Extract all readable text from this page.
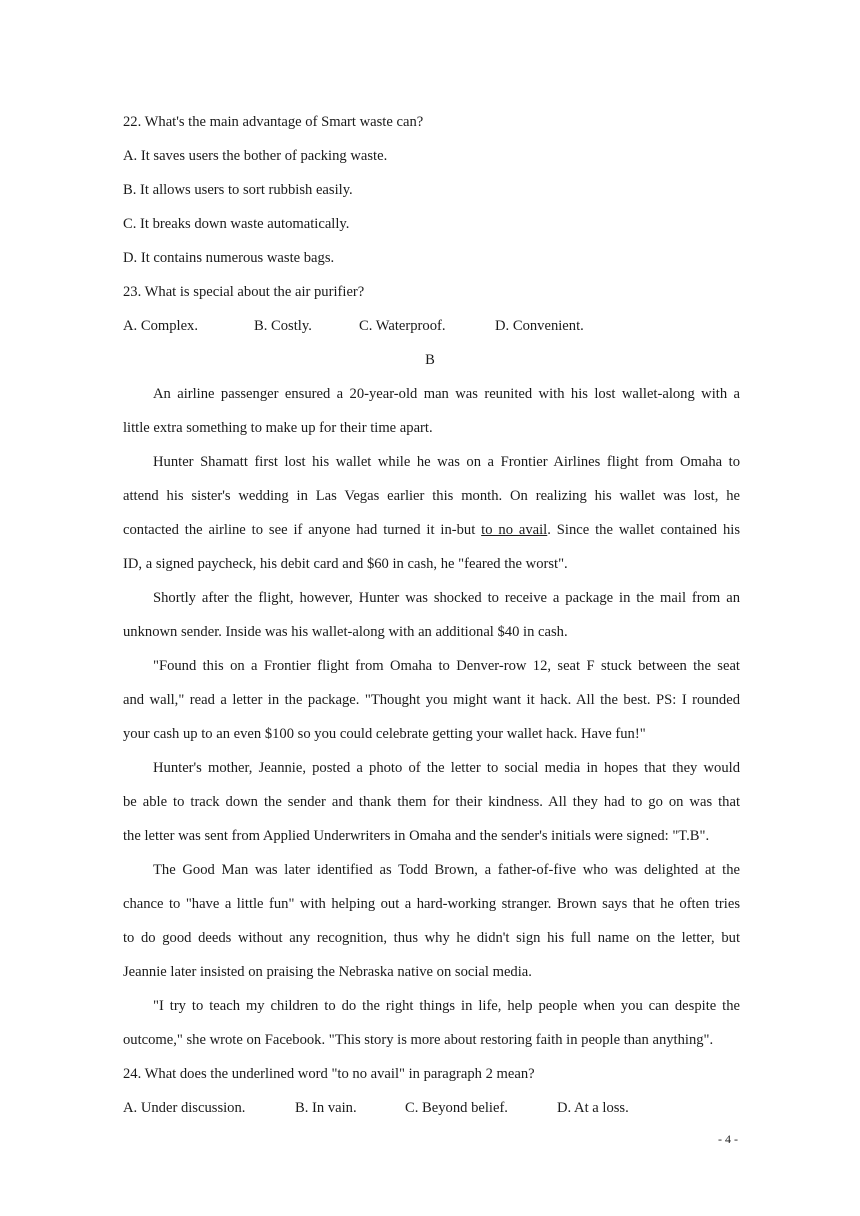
22. What's the main advantage of Smart waste can?
A. It saves users the bother of packing waste.
B. It allows users to sort rubbish easily.
C. It breaks down waste automatically.
D. It contains numerous waste bags.
23. What is special about the air purifier?
A. Complex.	B. Costly.	C. Waterproof.	D. Convenient.
B
An airline passenger ensured a 20-year-old man was reunited with his lost wallet-along with a
little extra something to make up for their time apart.
Hunter Shamatt first lost his wallet while he was on a Frontier Airlines flight from Omaha to
attend his sister's wedding in Las Vegas earlier this month. On realizing his wallet was lost, he
contacted the airline to see if anyone had turned it in-but to no avail. Since the wallet contained his
ID, a signed paycheck, his debit card and $60 in cash, he "feared the worst".
Shortly after the flight, however, Hunter was shocked to receive a package in the mail from an
unknown sender. Inside was his wallet-along with an additional $40 in cash.
"Found this on a Frontier flight from Omaha to Denver-row 12, seat F stuck between the seat
and wall," read a letter in the package. "Thought you might want it hack. All the best. PS: I rounded
your cash up to an even $100 so you could celebrate getting your wallet hack. Have fun!"
Hunter's mother, Jeannie, posted a photo of the letter to social media in hopes that they would
be able to track down the sender and thank them for their kindness. All they had to go on was that
the letter was sent from Applied Underwriters in Omaha and the sender's initials were signed: "T.B".
The Good Man was later identified as Todd Brown, a father-of-five who was delighted at the
chance to "have a little fun" with helping out a hard-working stranger. Brown says that he often tries
to do good deeds without any recognition, thus why he didn't sign his full name on the letter, but
Jeannie later insisted on praising the Nebraska native on social media.
"I try to teach my children to do the right things in life, help people when you can despite the
outcome," she wrote on Facebook. "This story is more about restoring faith in people than anything".
24. What does the underlined word "to no avail" in paragraph 2 mean?
A. Under discussion.	B. In vain.	C. Beyond belief.	D. At a loss.
- 4 -
